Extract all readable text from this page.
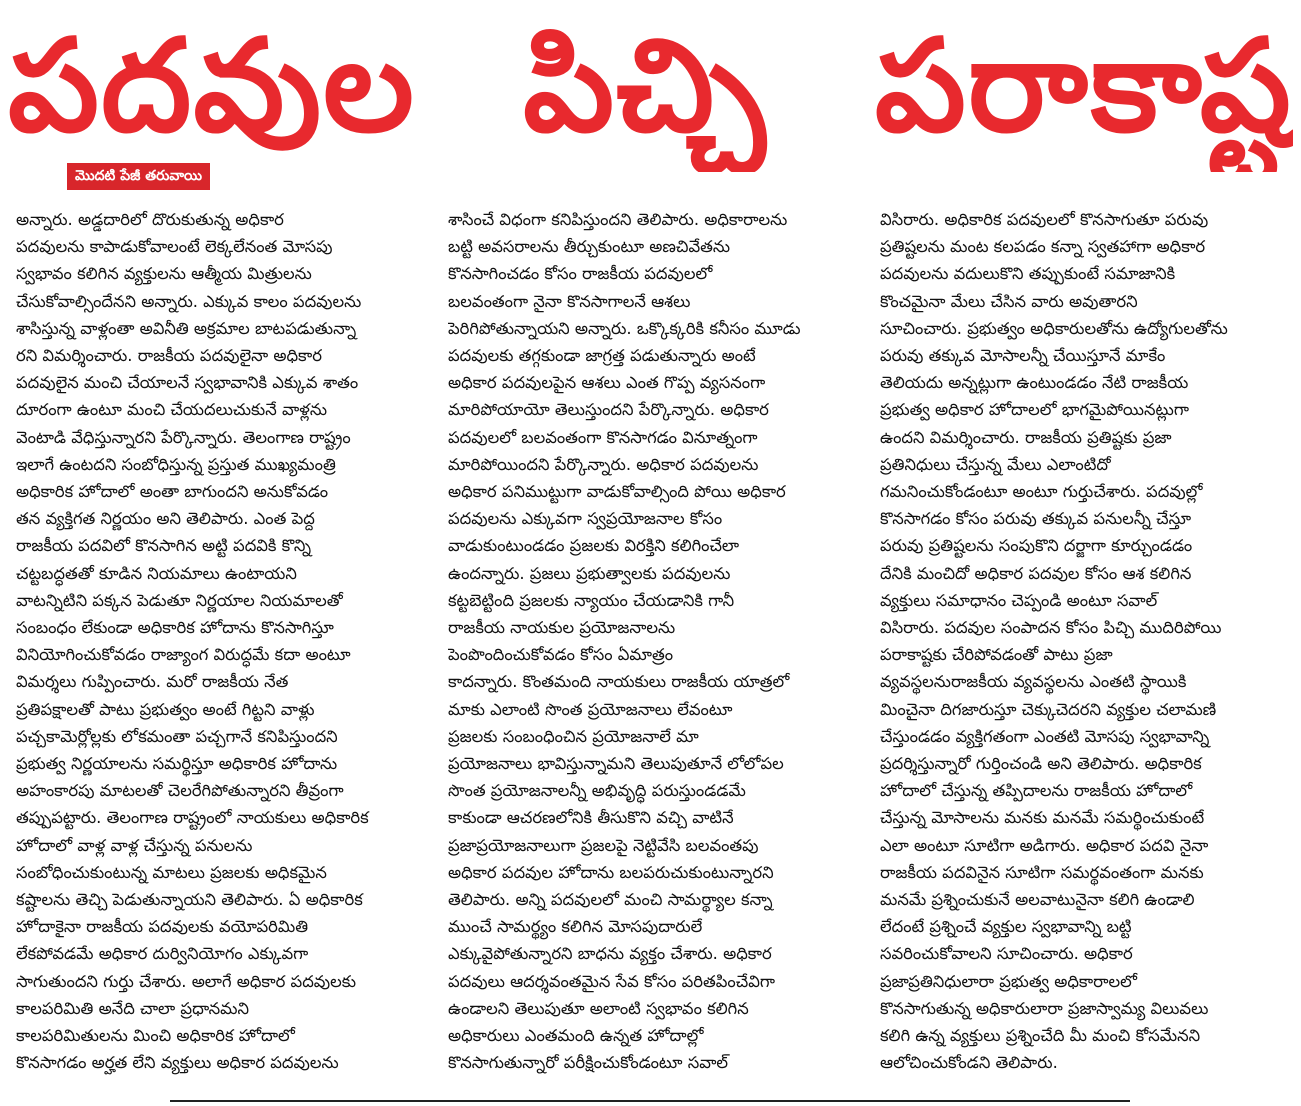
పదవుల పిచ్చి పరాకాష్ట
మొదటి పేజీ తరువాయి
అన్నారు. అడ్డదారిలో దొరుకుతున్న అధికార
పదవులను కాపాడుకోవాలంటే లెక్కలేనంత మోసపు
స్వభావం కలిగిన వ్యక్తులను ఆత్మీయ మిత్రులను
చేసుకోవాల్సిందేనని అన్నారు. ఎక్కువ కాలం పదవులను
శాసిస్తున్న వాళ్లంతా అవినీతి అక్రమాల బాటపడుతున్నా
రని విమర్శించారు. రాజకీయ పదవులైనా అధికార
పదవులైన మంచి చేయాలనే స్వభావానికి ఎక్కువ శాతం
దూరంగా ఉంటూ మంచి చేయదలుచుకునే వాళ్లను
వెంటాడి వేధిస్తున్నారని పేర్కొన్నారు. తెలంగాణ రాష్ట్రం
ఇలాగే ఉంటదని సంబోధిస్తున్న ప్రస్తుత ముఖ్యమంత్రి
అధికారిక హోదాలో అంతా బాగుందని అనుకోవడం
తన వ్యక్తిగత నిర్ణయం అని తెలిపారు. ఎంత పెద్ద
రాజకీయ పదవిలో కొనసాగిన అట్టి పదవికి కొన్ని
చట్టబద్ధతతో కూడిన నియమాలు ఉంటాయని
వాటన్నిటిని పక్కన పెడుతూ నిర్ణయాల నియమాలతో
సంబంధం లేకుండా అధికారిక హోదాను కొనసాగిస్తూ
వినియోగించుకోవడం రాజ్యాంగ విరుద్ధమే కదా అంటూ
విమర్శలు గుప్పించారు. మరో రాజకీయ నేత
ప్రతిపక్షాలతో పాటు ప్రభుత్వం అంటే గిట్టని వాళ్లు
పచ్చకామెర్లోల్లకు లోకమంతా పచ్చగానే కనిపిస్తుందని
ప్రభుత్వ నిర్ణయాలను సమర్థిస్తూ అధికారిక హోదాను
అహంకారపు మాటలతో చెలరేగిపోతున్నారని తీవ్రంగా
తప్పుపట్టారు. తెలంగాణ రాష్ట్రంలో నాయకులు అధికారిక
హోదాలో వాళ్ల వాళ్ల చేస్తున్న పనులను
సంబోధించుకుంటున్న మాటలు ప్రజలకు అధికమైన
కష్టాలను తెచ్చి పెడుతున్నాయని తెలిపారు. ఏ అధికారిక
హోదాకైనా రాజకీయ పదవులకు వయోపరిమితి
లేకపోవడమే అధికార దుర్వినియోగం ఎక్కువగా
సాగుతుందని గుర్తు చేశారు. అలాగే అధికార పదవులకు
కాలపరిమితి అనేది చాలా ప్రధానమని
కాలపరిమితులను మించి అధికారిక హోదాలో
కొనసాగడం అర్హత లేని వ్యక్తులు అధికార పదవులను
శాసించే విధంగా కనిపిస్తుందని తెలిపారు. అధికారాలను
బట్టి అవసరాలను తీర్చుకుంటూ అణచివేతను
కొనసాగించడం కోసం రాజకీయ పదవులలో
బలవంతంగా నైనా కొనసాగాలనే ఆశలు
పెరిగిపోతున్నాయని అన్నారు. ఒక్కొక్కరికి కనీసం మూడు
పదవులకు తగ్గకుండా జాగ్రత్త పడుతున్నారు అంటే
అధికార పదవులపైన ఆశలు ఎంత గొప్ప వ్యసనంగా
మారిపోయాయో తెలుస్తుందని పేర్కొన్నారు. అధికార
పదవులలో బలవంతంగా కొనసాగడం వినూత్నంగా
మారిపోయిందని పేర్కొన్నారు. అధికార పదవులను
అధికార పనిముట్టుగా వాడుకోవాల్సింది పోయి అధికార
పదవులను ఎక్కువగా స్వప్రయోజనాల కోసం
వాడుకుంటుండడం ప్రజలకు విరక్తిని కలిగించేలా
ఉందన్నారు. ప్రజలు ప్రభుత్వాలకు పదవులను
కట్టబెట్టింది ప్రజలకు న్యాయం చేయడానికి గానీ
రాజకీయ నాయకుల ప్రయోజనాలను
పెంపొందించుకోవడం కోసం ఏమాత్రం
కాదన్నారు. కొంతమంది నాయకులు రాజకీయ యాత్రలో
మాకు ఎలాంటి సొంత ప్రయోజనాలు లేవంటూ
ప్రజలకు సంబంధించిన ప్రయోజనాలే మా
ప్రయోజనాలు భావిస్తున్నామని తెలుపుతూనే లోలోపల
సొంత ప్రయోజనాలన్నీ అభివృద్ధి పరుస్తుండడమే
కాకుండా ఆచరణలోనికి తీసుకొని వచ్చి వాటినే
ప్రజాప్రయోజనాలుగా ప్రజలపై నెట్టివేసి బలవంతపు
అధికార పదవుల హోదాను బలపరుచుకుంటున్నారని
తెలిపారు. అన్ని పదవులలో మంచి సామర్థ్యాల కన్నా
ముంచే సామర్థ్యం కలిగిన మోసపుదారులే
ఎక్కువైపోతున్నారని బాధను వ్యక్తం చేశారు. అధికార
పదవులు ఆదర్శవంతమైన సేవ కోసం పరితపించేవిగా
ఉండాలని తెలుపుతూ అలాంటి స్వభావం కలిగిన
అధికారులు ఎంతమంది ఉన్నత హోదాల్లో
కొనసాగుతున్నారో పరీక్షించుకోండంటూ సవాల్
విసిరారు. అధికారిక పదవులలో కొనసాగుతూ పరువు
ప్రతిష్టలను మంట కలపడం కన్నా స్వతహాగా అధికార
పదవులను వదులుకొని తప్పుకుంటే సమాజానికి
కొంచమైనా మేలు చేసిన వారు అవుతారని
సూచించారు. ప్రభుత్వం అధికారులతోను ఉద్యోగులతోను
పరువు తక్కువ మోసాలన్నీ చేయిస్తూనే మాకేం
తెలియదు అన్నట్లుగా ఉంటుండడం నేటి రాజకీయ
ప్రభుత్వ అధికార హోదాలలో భాగమైపోయినట్లుగా
ఉందని విమర్శించారు. రాజకీయ ప్రతిష్టకు ప్రజా
ప్రతినిధులు చేస్తున్న మేలు ఎలాంటిదో
గమనించుకోండంటూ అంటూ గుర్తుచేశారు. పదవుల్లో
కొనసాగడం కోసం పరువు తక్కువ పనులన్నీ చేస్తూ
పరువు ప్రతిష్టలను సంపుకొని దర్జాగా కూర్చుండడం
దేనికి మంచిదో అధికార పదవుల కోసం ఆశ కలిగిన
వ్యక్తులు సమాధానం చెప్పండి అంటూ సవాల్
విసిరారు. పదవుల సంపాదన కోసం పిచ్చి ముదిరిపోయి
పరాకాష్టకు చేరిపోవడంతో పాటు ప్రజా
వ్యవస్థలనురాజకీయ వ్యవస్థలను ఎంతటి స్థాయికి
మించైనా దిగజారుస్తూ చెక్కుచెదరని వ్యక్తుల చలామణి
చేస్తుండడం వ్యక్తిగతంగా ఎంతటి మోసపు స్వభావాన్ని
ప్రదర్శిస్తున్నారో గుర్తించండి అని తెలిపారు. అధికారిక
హోదాలో చేస్తున్న తప్పిదాలను రాజకీయ హోదాలో
చేస్తున్న మోసాలను మనకు మనమే సమర్థించుకుంటే
ఎలా అంటూ సూటిగా అడిగారు. అధికార పదవి నైనా
రాజకీయ పదవినైన సూటిగా సమర్థవంతంగా మనకు
మనమే ప్రశ్నించుకునే అలవాటునైనా కలిగి ఉండాలి
లేదంటే ప్రశ్నించే వ్యక్తుల స్వభావాన్ని బట్టి
సవరించుకోవాలని సూచించారు. అధికార
ప్రజాప్రతినిధులారా ప్రభుత్వ అధికారాలలో
కొనసాగుతున్న అధికారులారా ప్రజాస్వామ్య విలువలు
కలిగి ఉన్న వ్యక్తులు ప్రశ్నించేది మీ మంచి కోసమేనని
ఆలోచించుకోండని తెలిపారు.
